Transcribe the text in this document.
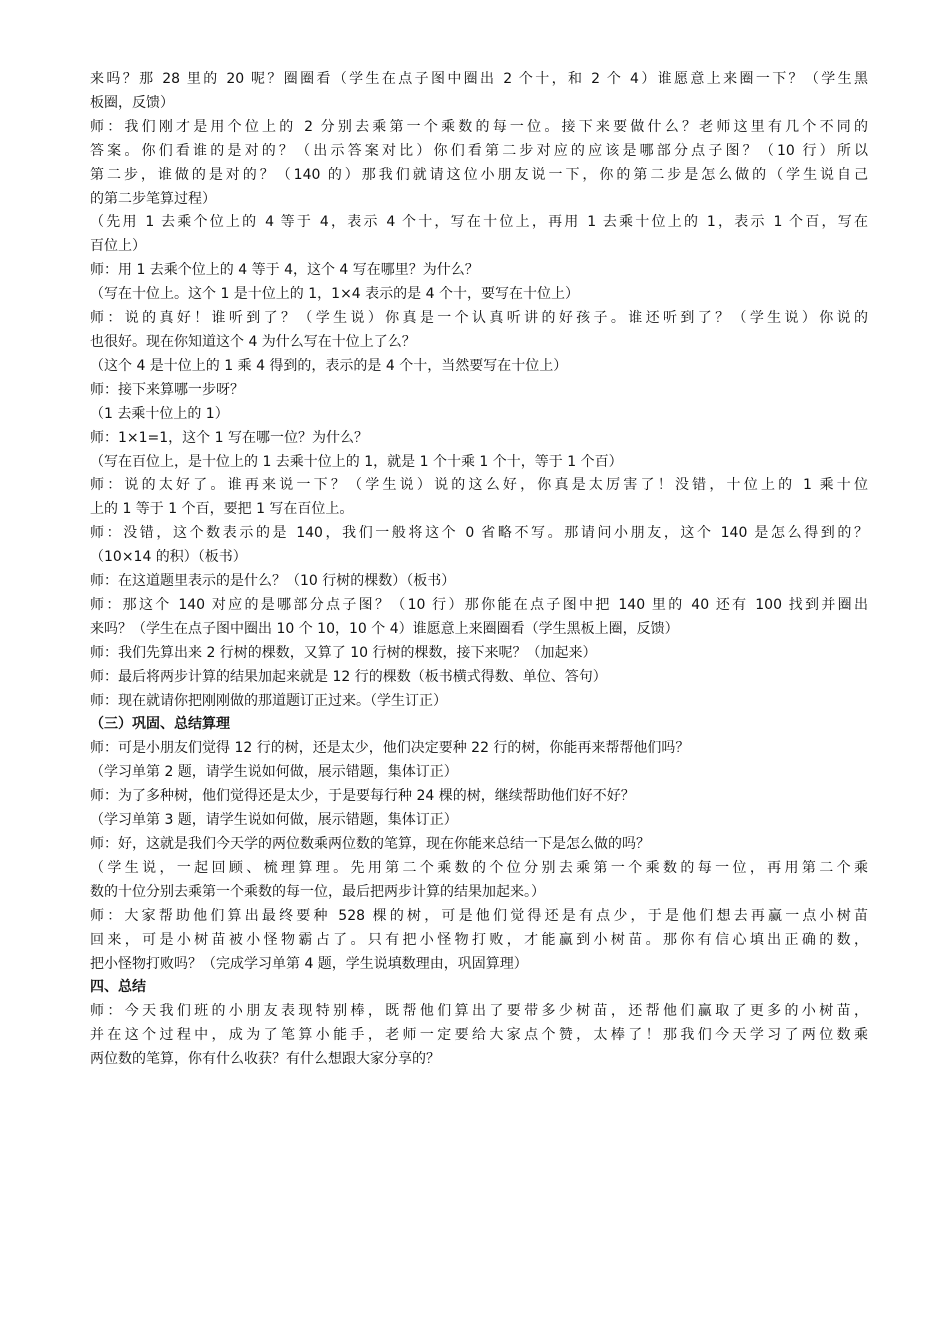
来吗？那 28 里的 20 呢？圈圈看（学生在点子图中圈出 2 个十，和 2 个 4）谁愿意上来圈一下？（学生黑
板圈，反馈）
师：我们刚才是用个位上的 2 分别去乘第一个乘数的每一位。接下来要做什么？老师这里有几个不同的
答案。你们看谁的是对的？（出示答案对比）你们看第二步对应的应该是哪部分点子图？（10 行）所以
第二步，谁做的是对的？（140 的）那我们就请这位小朋友说一下，你的第二步是怎么做的（学生说自己
的第二步笔算过程）
（先用 1 去乘个位上的 4 等于 4，表示 4 个十，写在十位上，再用 1 去乘十位上的 1，表示 1 个百，写在
百位上）
师：用 1 去乘个位上的 4 等于 4，这个 4 写在哪里？为什么？
（写在十位上。这个 1 是十位上的 1，1×4 表示的是 4 个十，要写在十位上）
师：说的真好！谁听到了？（学生说）你真是一个认真听讲的好孩子。谁还听到了？（学生说）你说的
也很好。现在你知道这个 4 为什么写在十位上了么？
（这个 4 是十位上的 1 乘 4 得到的，表示的是 4 个十，当然要写在十位上）
师：接下来算哪一步呀？
（1 去乘十位上的 1）
师：1×1=1，这个 1 写在哪一位？为什么？
（写在百位上，是十位上的 1 去乘十位上的 1，就是 1 个十乘 1 个十，等于 1 个百）
师：说的太好了。谁再来说一下？（学生说）说的这么好，你真是太厉害了！没错，十位上的 1 乘十位
上的 1 等于 1 个百，要把 1 写在百位上。
师：没错，这个数表示的是 140，我们一般将这个 0 省略不写。那请问小朋友，这个 140 是怎么得到的？
（10×14 的积）（板书）
师：在这道题里表示的是什么？（10 行树的棵数）（板书）
师：那这个 140 对应的是哪部分点子图？（10 行）那你能在点子图中把 140 里的 40 还有 100 找到并圈出
来吗？（学生在点子图中圈出 10 个 10，10 个 4）谁愿意上来圈圈看（学生黑板上圈，反馈）
师：我们先算出来 2 行树的棵数，又算了 10 行树的棵数，接下来呢？（加起来）
师：最后将两步计算的结果加起来就是 12 行的棵数（板书横式得数、单位、答句）
师：现在就请你把刚刚做的那道题订正过来。（学生订正）
（三）巩固、总结算理
师：可是小朋友们觉得 12 行的树，还是太少，他们决定要种 22 行的树，你能再来帮帮他们吗？
（学习单第 2 题，请学生说如何做，展示错题，集体订正）
师：为了多种树，他们觉得还是太少，于是要每行种 24 棵的树，继续帮助他们好不好？
（学习单第 3 题，请学生说如何做，展示错题，集体订正）
师：好，这就是我们今天学的两位数乘两位数的笔算，现在你能来总结一下是怎么做的吗？
（学生说，一起回顾、梳理算理。先用第二个乘数的个位分别去乘第一个乘数的每一位，再用第二个乘
数的十位分别去乘第一个乘数的每一位，最后把两步计算的结果加起来。）
师：大家帮助他们算出最终要种 528 棵的树，可是他们觉得还是有点少，于是他们想去再赢一点小树苗
回来，可是小树苗被小怪物霸占了。只有把小怪物打败，才能赢到小树苗。那你有信心填出正确的数，
把小怪物打败吗？（完成学习单第 4 题，学生说填数理由，巩固算理）
四、总结
师：今天我们班的小朋友表现特别棒，既帮他们算出了要带多少树苗，还帮他们赢取了更多的小树苗，
并在这个过程中，成为了笔算小能手，老师一定要给大家点个赞，太棒了！那我们今天学习了两位数乘
两位数的笔算，你有什么收获？有什么想跟大家分享的？
